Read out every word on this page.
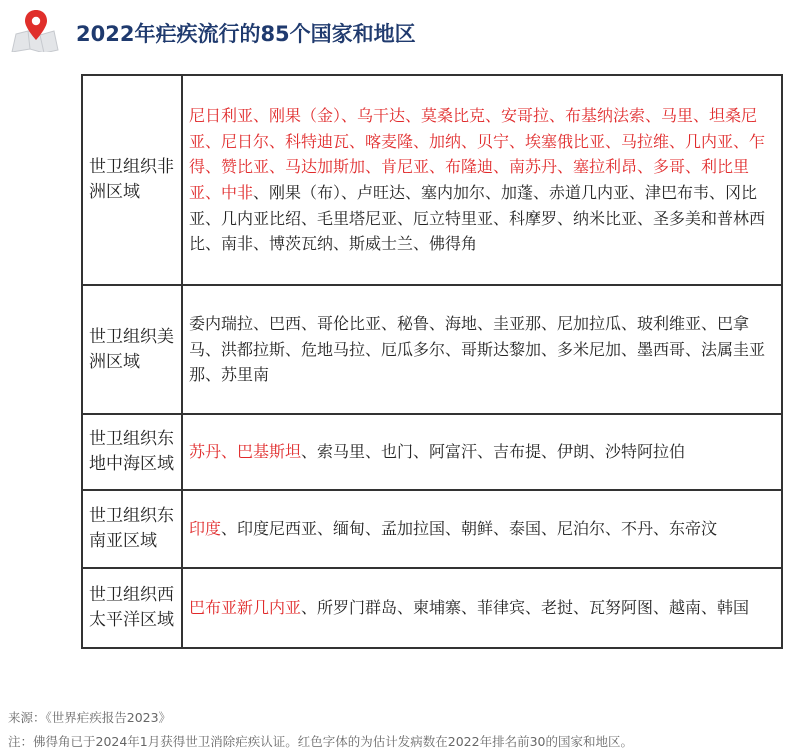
2022年疟疾流行的85个国家和地区
世卫组织非洲区域	尼日利亚、刚果（金）、乌干达、莫桑比克、安哥拉、布基纳法索、马里、坦桑尼亚、尼日尔、科特迪瓦、喀麦隆、加纳、贝宁、埃塞俄比亚、马拉维、几内亚、乍得、赞比亚、马达加斯加、肯尼亚、布隆迪、南苏丹、塞拉利昂、多哥、利比里亚、中非、刚果（布）、卢旺达、塞内加尔、加蓬、赤道几内亚、津巴布韦、冈比亚、几内亚比绍、毛里塔尼亚、厄立特里亚、科摩罗、纳米比亚、圣多美和普林西比、南非、博茨瓦纳、斯威士兰、佛得角
世卫组织美洲区域	委内瑞拉、巴西、哥伦比亚、秘鲁、海地、圭亚那、尼加拉瓜、玻利维亚、巴拿马、洪都拉斯、危地马拉、厄瓜多尔、哥斯达黎加、多米尼加、墨西哥、法属圭亚那、苏里南
世卫组织东地中海区域	苏丹、巴基斯坦、索马里、也门、阿富汗、吉布提、伊朗、沙特阿拉伯
世卫组织东南亚区域	印度、印度尼西亚、缅甸、孟加拉国、朝鲜、泰国、尼泊尔、不丹、东帝汶
世卫组织西太平洋区域	巴布亚新几内亚、所罗门群岛、柬埔寨、菲律宾、老挝、瓦努阿图、越南、韩国
来源：《世界疟疾报告2023》
注：佛得角已于2024年1月获得世卫消除疟疾认证。红色字体的为估计发病数在2022年排名前30的国家和地区。
